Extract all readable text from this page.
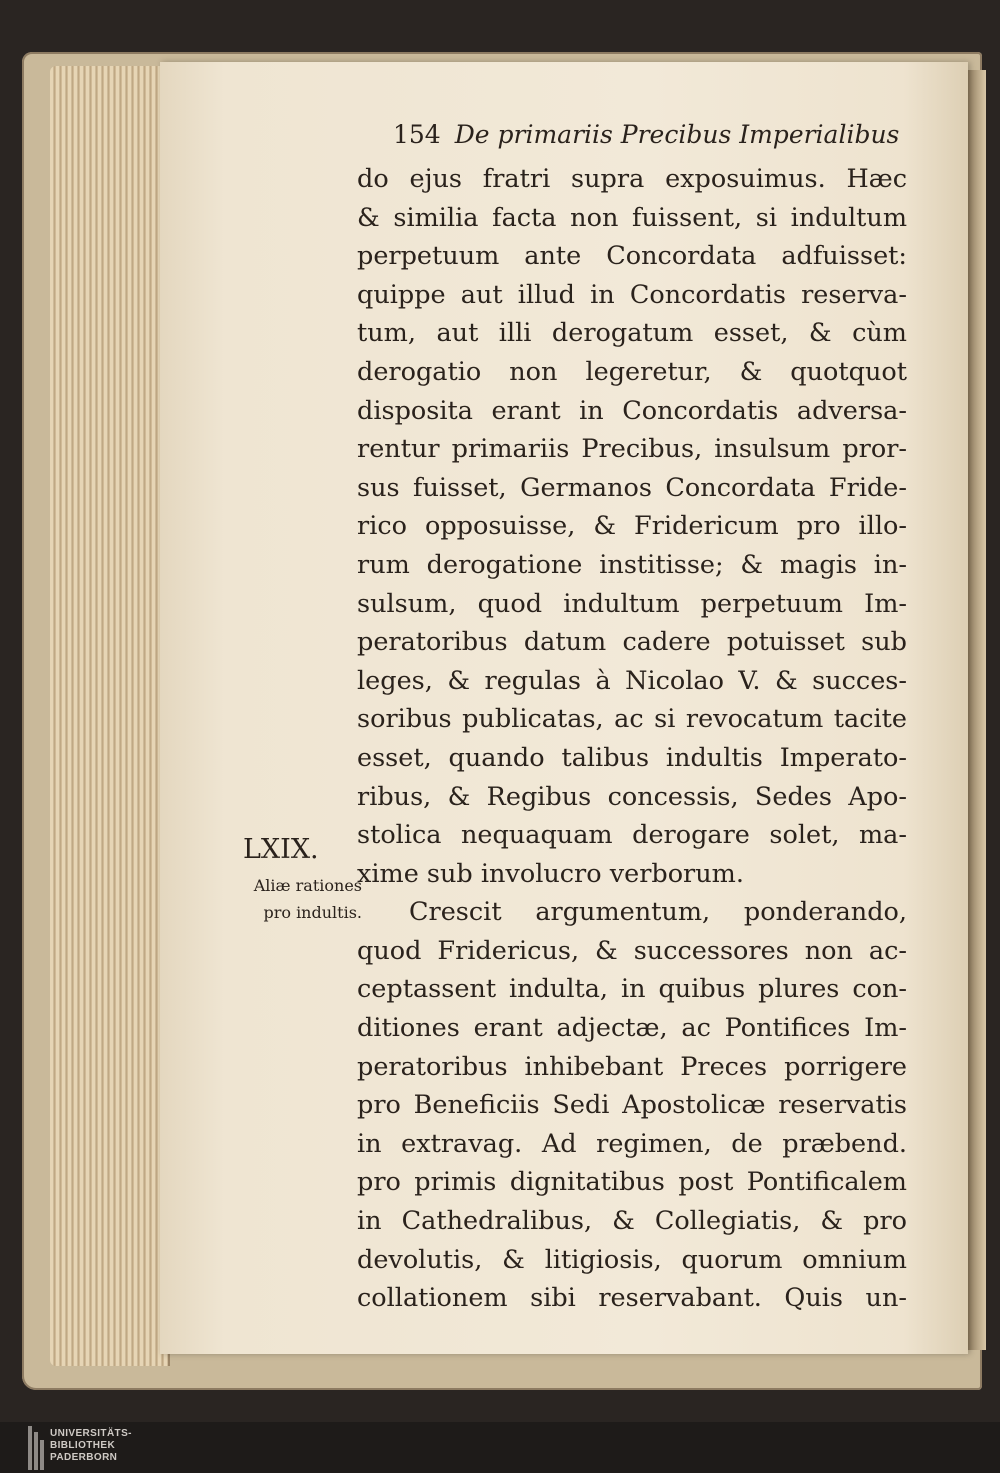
154 De primariis Precibus Imperialibus
do ejus fratri supra exposuimus. Hæc
& similia facta non fuissent, si indultum
perpetuum ante Concordata adfuisset:
quippe aut illud in Concordatis reserva-
tum, aut illi derogatum esset, & cùm
derogatio non legeretur, & quotquot
disposita erant in Concordatis adversa-
rentur primariis Precibus, insulsum pror-
sus fuisset, Germanos Concordata Fride-
rico opposuisse, & Fridericum pro illo-
rum derogatione institisse; & magis in-
sulsum, quod indultum perpetuum Im-
peratoribus datum cadere potuisset sub
leges, & regulas à Nicolao V. & succes-
soribus publicatas, ac si revocatum tacite
esset, quando talibus indultis Imperato-
ribus, & Regibus concessis, Sedes Apo-
stolica nequaquam derogare solet, ma-
xime sub involucro verborum.
Crescit argumentum, ponderando,
quod Fridericus, & successores non ac-
ceptassent indulta, in quibus plures con-
ditiones erant adjectæ, ac Pontifices Im-
peratoribus inhibebant Preces porrigere
pro Beneficiis Sedi Apostolicæ reservatis
in extravag. Ad regimen, de præbend.
pro primis dignitatibus post Pontificalem
in Cathedralibus, & Collegiatis, & pro
devolutis, & litigiosis, quorum omnium
collationem sibi reservabant. Quis un-
LXIX.
Aliæ rationes
pro indultis.
UNIVERSITÄTS-
BIBLIOTHEK
PADERBORN
